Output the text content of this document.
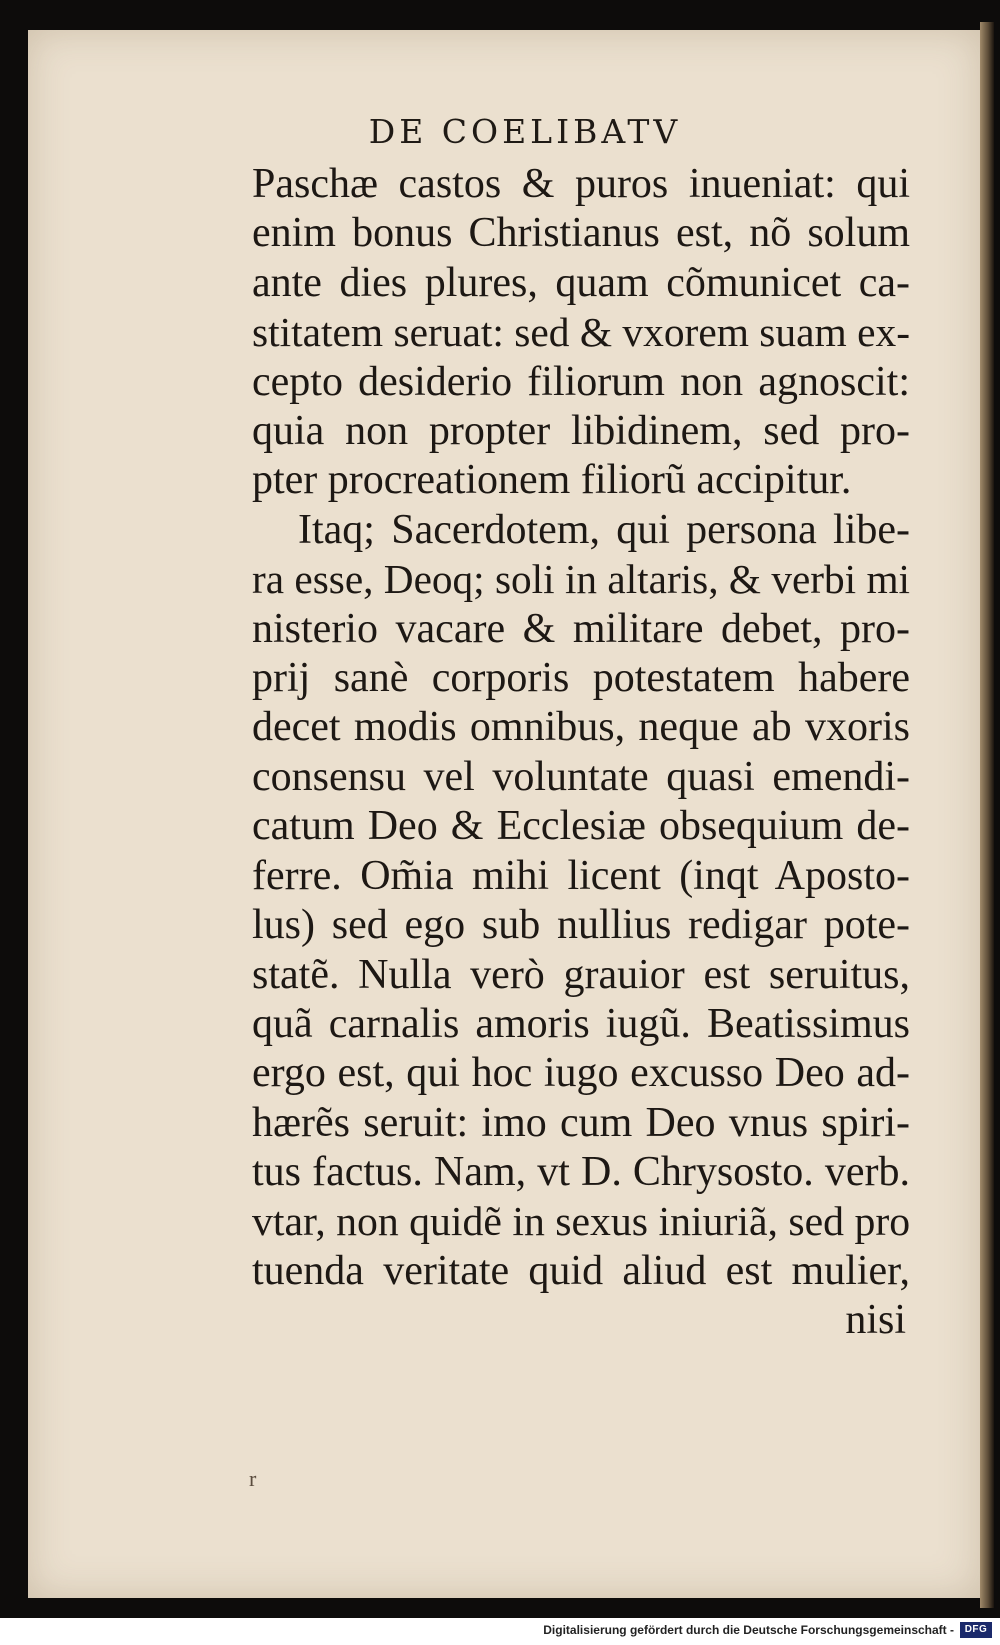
DE COELIBATV
Paschæ castos & puros inueniat: qui
enim bonus Christianus est, nõ solum
ante dies plures, quam cõmunicet ca-
stitatem seruat: sed & vxorem suam ex-
cepto desiderio filiorum non agnoscit:
quia non propter libidinem, sed pro-
pter procreationem filiorũ accipitur.
Itaq; Sacerdotem, qui persona libe-
ra esse, Deoq; soli in altaris, & verbi mi
nisterio vacare & militare debet, pro-
prij sanè corporis potestatem habere
decet modis omnibus, neque ab vxoris
consensu vel voluntate quasi emendi-
catum Deo & Ecclesiæ obsequium de-
ferre. Om̃ia mihi licent (inqt Aposto-
lus) sed ego sub nullius redigar pote-
statẽ. Nulla verò grauior est seruitus,
quã carnalis amoris iugũ. Beatissimus
ergo est, qui hoc iugo excusso Deo ad-
hærẽs seruit: imo cum Deo vnus spiri-
tus factus. Nam, vt D. Chrysosto. verb.
vtar, non quidẽ in sexus iniuriã, sed pro
tuenda veritate quid aliud est mulier,
nisi
r
Digitalisierung gefördert durch die Deutsche Forschungsgemeinschaft -	DFG
